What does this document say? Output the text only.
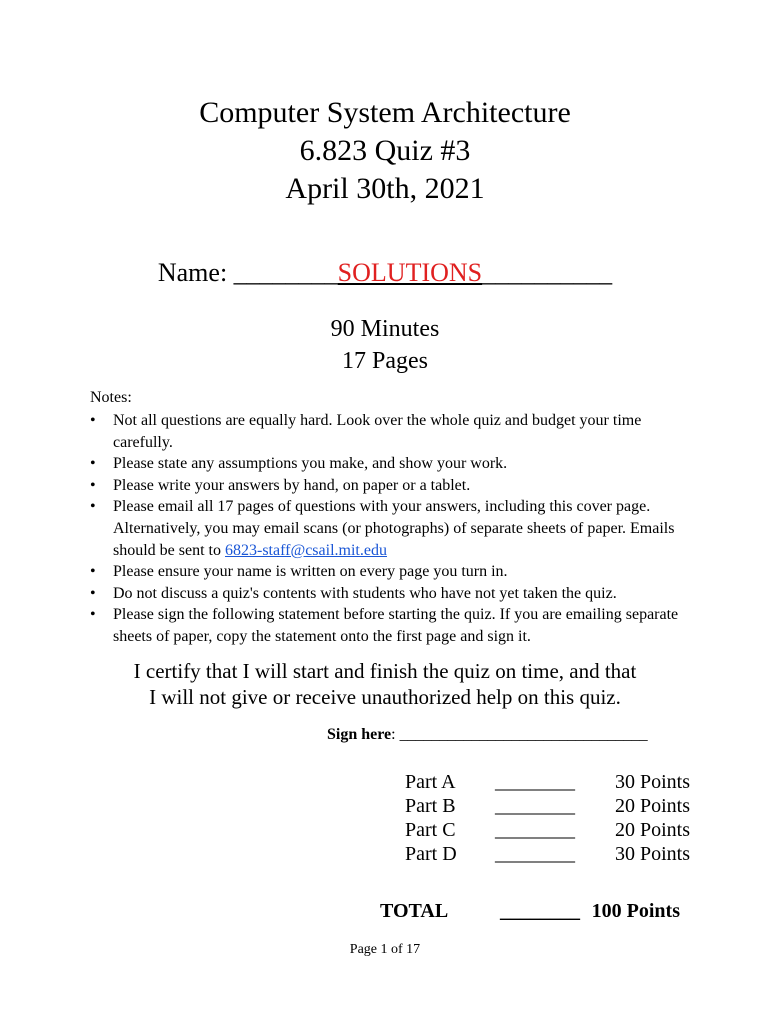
Computer System Architecture
6.823 Quiz #3
April 30th, 2021
Name: ________SOLUTIONS__________
90 Minutes
17 Pages
Notes:
• Not all questions are equally hard. Look over the whole quiz and budget your time carefully.
• Please state any assumptions you make, and show your work.
• Please write your answers by hand, on paper or a tablet.
• Please email all 17 pages of questions with your answers, including this cover page. Alternatively, you may email scans (or photographs) of separate sheets of paper. Emails should be sent to 6823-staff@csail.mit.edu
• Please ensure your name is written on every page you turn in.
• Do not discuss a quiz's contents with students who have not yet taken the quiz.
• Please sign the following statement before starting the quiz. If you are emailing separate sheets of paper, copy the statement onto the first page and sign it.
I certify that I will start and finish the quiz on time, and that
I will not give or receive unauthorized help on this quiz.
Sign here: _______________________________
Part A	________	30 Points
Part B	________	20 Points
Part C	________	20 Points
Part D	________	30 Points
TOTAL	________ 100 Points
Page 1 of 17
